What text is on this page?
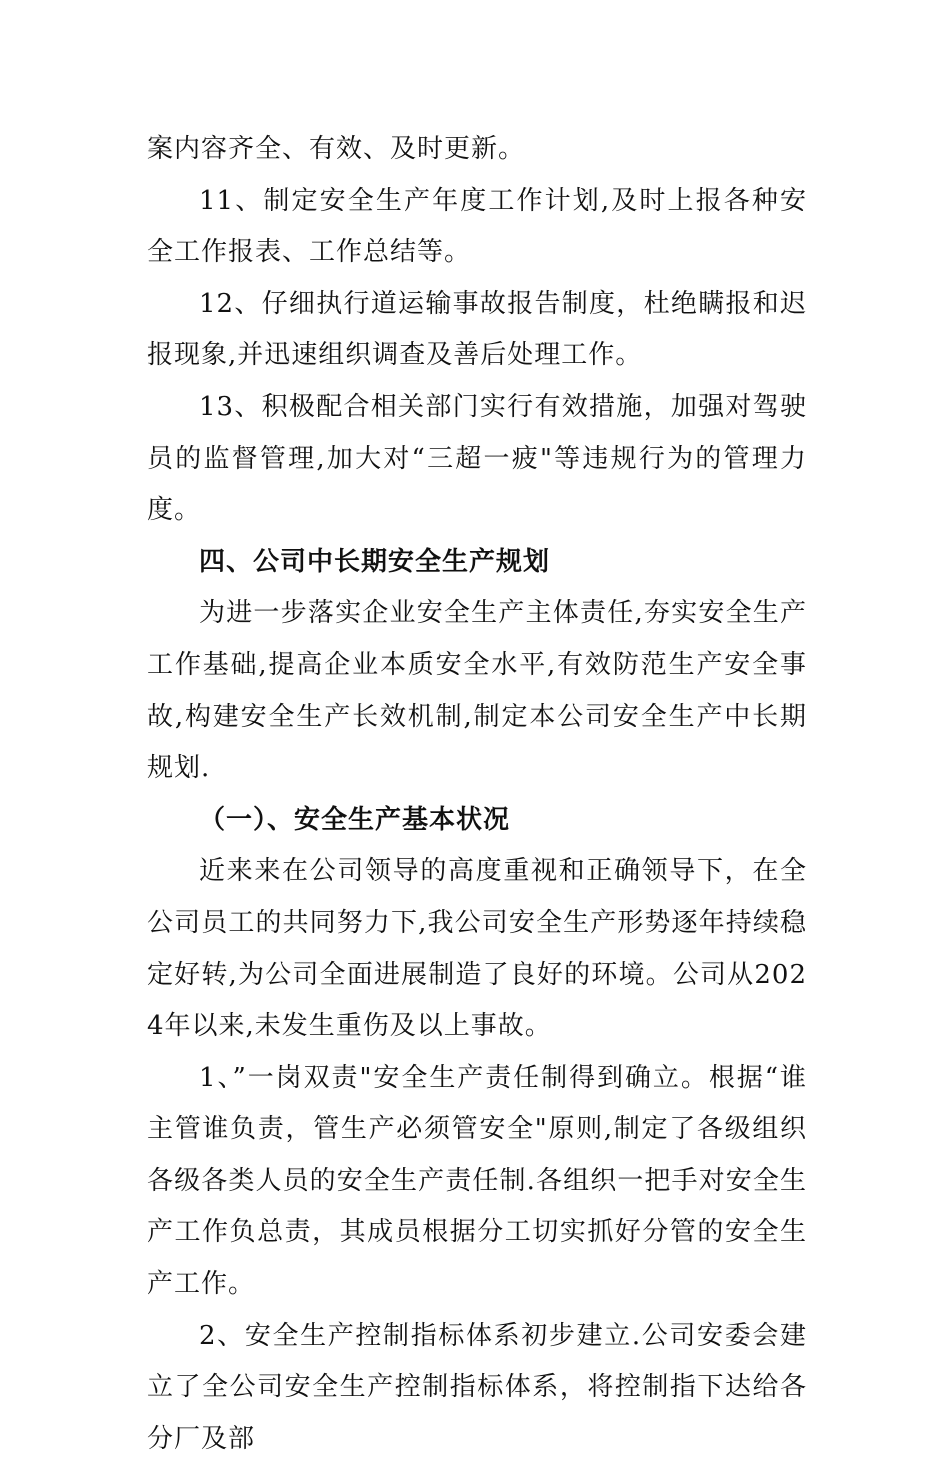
案内容齐全、有效、及时更新。

11、制定安全生产年度工作计划,及时上报各种安全工作报表、工作总结等。

12、仔细执行道运输事故报告制度，杜绝瞒报和迟报现象,并迅速组织调查及善后处理工作。

13、积极配合相关部门实行有效措施，加强对驾驶员的监督管理,加大对“三超一疲"等违规行为的管理力度。

四、公司中长期安全生产规划

为进一步落实企业安全生产主体责任,夯实安全生产工作基础,提高企业本质安全水平,有效防范生产安全事故,构建安全生产长效机制,制定本公司安全生产中长期规划.

（一）、安全生产基本状况

近来来在公司领导的高度重视和正确领导下，在全公司员工的共同努力下,我公司安全生产形势逐年持续稳定好转,为公司全面进展制造了良好的环境。公司从2024年以来,未发生重伤及以上事故。

1、”一岗双责"安全生产责任制得到确立。根据“谁主管谁负责，管生产必须管安全"原则,制定了各级组织各级各类人员的安全生产责任制.各组织一把手对安全生产工作负总责，其成员根据分工切实抓好分管的安全生产工作。

2、安全生产控制指标体系初步建立.公司安委会建立了全公司安全生产控制指标体系，将控制指下达给各分厂及部
